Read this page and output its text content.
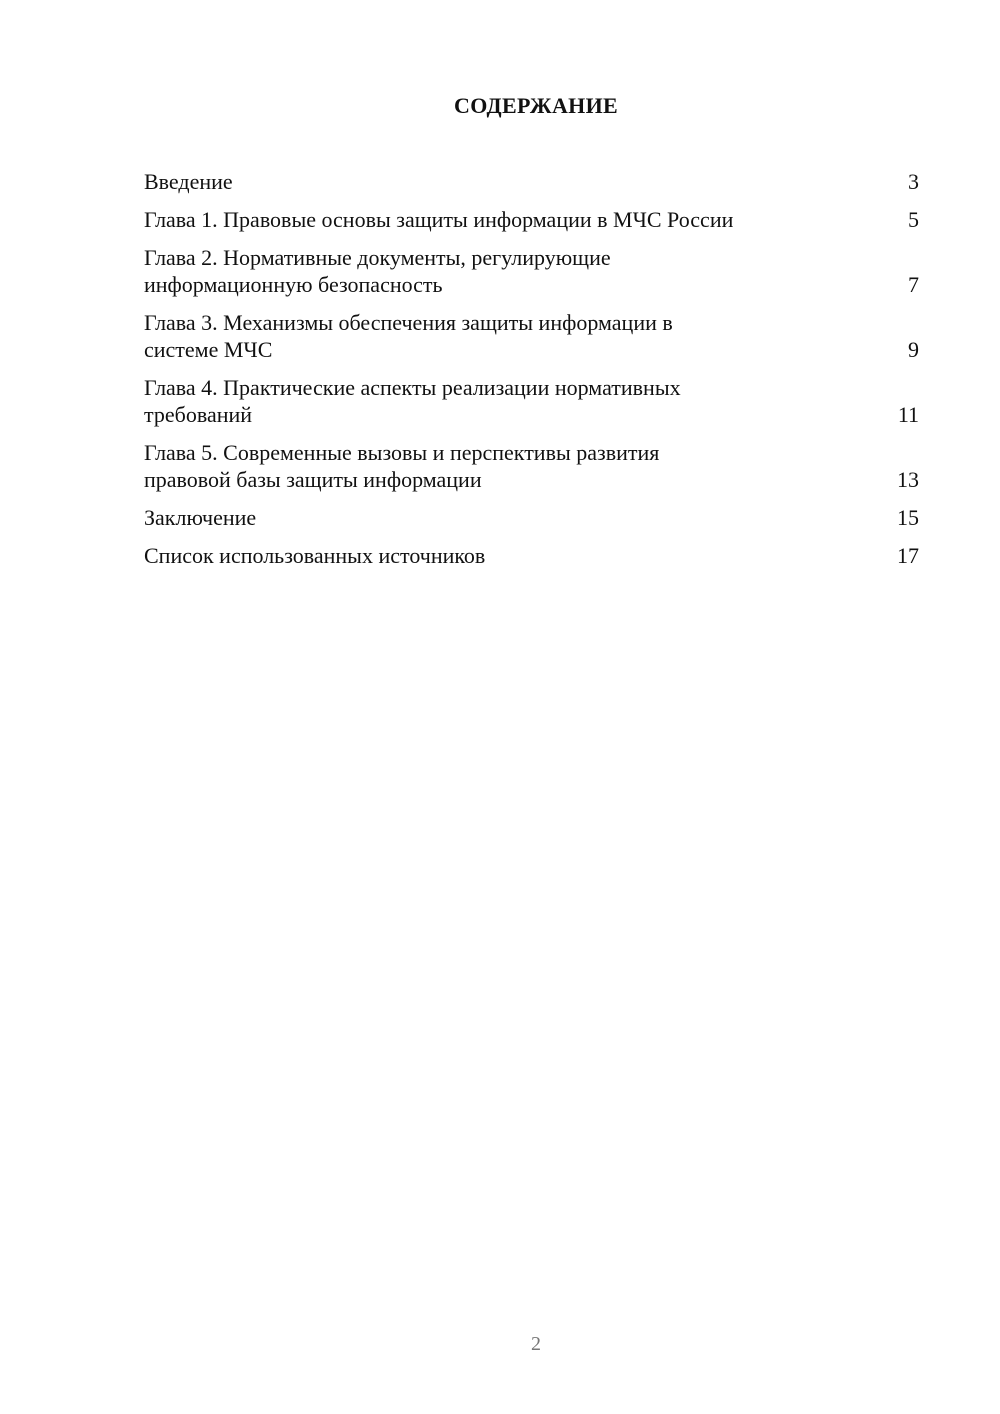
СОДЕРЖАНИЕ
Введение	3
Глава 1. Правовые основы защиты информации в МЧС России	5
Глава 2. Нормативные документы, регулирующие
информационную безопасность	7
Глава 3. Механизмы обеспечения защиты информации в
системе МЧС	9
Глава 4. Практические аспекты реализации нормативных
требований	11
Глава 5. Современные вызовы и перспективы развития
правовой базы защиты информации	13
Заключение	15
Список использованных источников	17
2
